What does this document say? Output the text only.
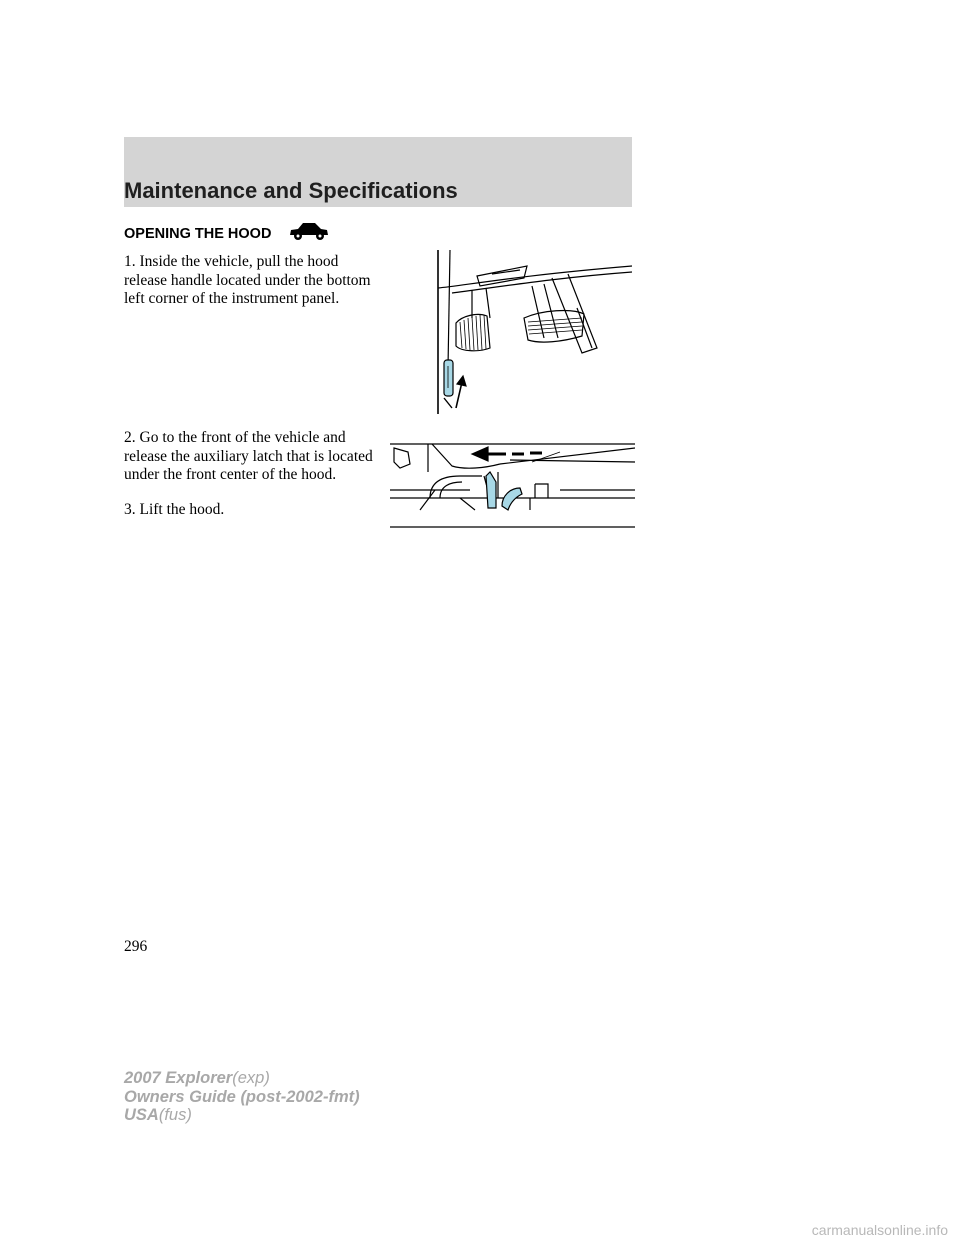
Maintenance and Specifications
OPENING THE HOOD
1. Inside the vehicle, pull the hood release handle located under the bottom left corner of the instrument panel.
2. Go to the front of the vehicle and release the auxiliary latch that is located under the front center of the hood.
3. Lift the hood.
296
2007 Explorer(exp)
Owners Guide (post-2002-fmt)
USA(fus)
carmanualsonline.info
